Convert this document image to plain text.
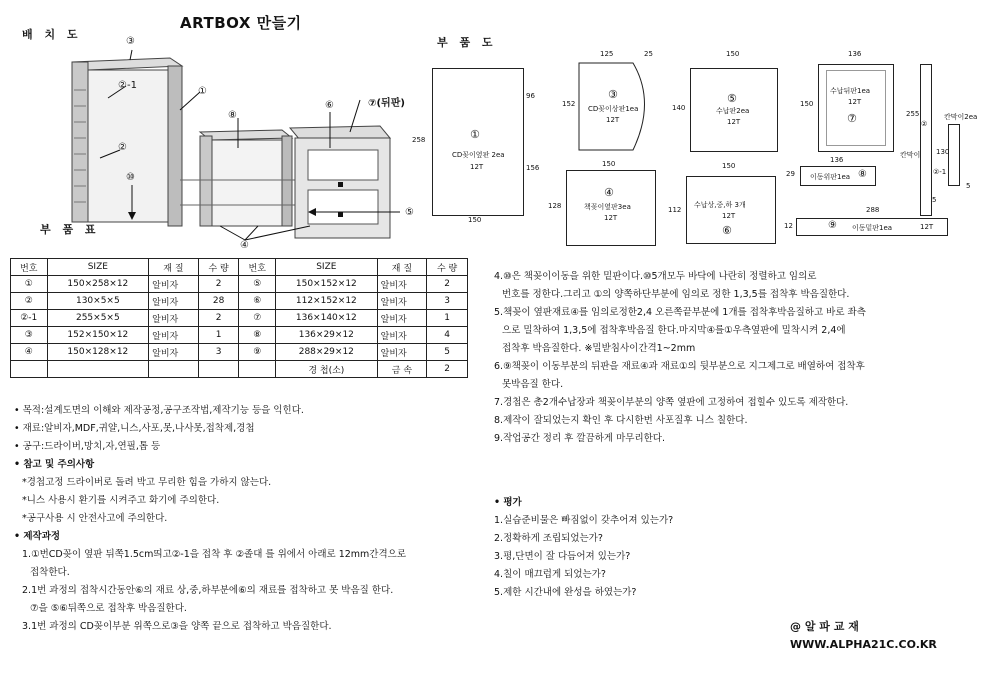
ARTBOX 만들기
배 치 도
부 품 도
부 품 표
③
②-1
①
②
⑩
⑧
⑥
⑤
④
⑦(뒤판)
①
CD꽂이옆판 2ea
12T
150
258
96
156
125	25
152
③
CD꽂이상판1ea
12T
150
140
⑤
수납판2ea
12T
136
150
수납뒤판1ea
12T
⑦
150
128
④
책꽂이옆판3ea
12T
150
112
수납상,중,하 3개
12T
⑥
136
29 이동위판1ea ⑧
288
12	⑨ 이동밑판1ea	12T
255
②
칸막이 130
②-1
칸막이2ea
5
5
번호	SIZE	재 질	수 량	번호	SIZE	재 질	수 량
①	150×258×12	알비자	2	⑤	150×152×12	알비자	2
②	130×5×5	알비자	28	⑥	112×152×12	알비자	3
②-1	255×5×5	알비자	2	⑦	136×140×12	알비자	1
③	152×150×12	알비자	1	⑧	136×29×12	알비자	4
④	150×128×12	알비자	3	⑨	288×29×12	알비자	5
					경 첩(소)	금 속	2

• 목적:설계도면의 이해와 제작공정,공구조작법,제작기능 등을 익힌다.

• 재료:알비자,MDF,귀얄,니스,사포,못,나사못,접착제,경첩

• 공구:드라이버,망치,자,연필,톱 등

• 참고 및 주의사항

*경첩고정 드라이버로 돌려 박고 무리한 힘을 가하지 않는다.

*니스 사용시 환기를 시켜주고 화기에 주의한다.

*공구사용 시 안전사고에 주의한다.

• 제작과정

1.①번CD꽂이 옆판 뒤쪽1.5cm띄고②-1을 접착 후 ②졸대 를 위에서 아래로 12mm간격으로

접착한다.

2.1번 과정의 접착시간동안⑥의 재료 상,중,하부분에⑥의 재료를 접착하고 못 박음질 한다.

⑦을 ⑤⑥뒤쪽으로 접착후 박음질한다.

3.1번 과정의 CD꽂이부분 위쪽으로③을 양쪽 끝으로 접착하고 박음질한다.

4.⑩은 책꽂이이동을 위한 밑판이다.⑩5개모두 바닥에 나란히 정렬하고 임의로

번호를 정한다.그리고 ①의 양쪽하단부분에 임의로 정한 1,3,5를 접착후 박음질한다.

5.책꽂이 옆판재료④를 임의로정한2,4 오른쪽끝부분에 1개를 접착후박음질하고 바로 좌측

으로 밀착하여 1,3,5에 접착후박음질 한다.마지막④를①우측옆판에 밀착시켜 2,4에

접착후 박음질한다. ※밀받침사이간격1~2mm

6.⑨책꽂이 이동부분의 뒤판을 재료④과 재료①의 뒷부분으로 지그제그로 배열하여 접착후

못박음질 한다.

7.경첩은 총2개수납장과 책꽂이부분의 양쪽 옆판에 고정하여 접힐수 있도록 제작한다.

8.제작이 잘되었는지 확인 후 다시한번 사포질후 니스 칠한다.

9.작업공간 정리 후 깔끔하게 마무리한다.

• 평가

1.실습준비물은 빠짐없이 갖추어져 있는가?

2.정확하게 조립되었는가?

3.평,단면이 잘 다듬어져 있는가?

4.칠이 매끄럽게 되었는가?

5.제한 시간내에 완성을 하였는가?

@ 알 파 교 재
WWW.ALPHA21C.CO.KR
